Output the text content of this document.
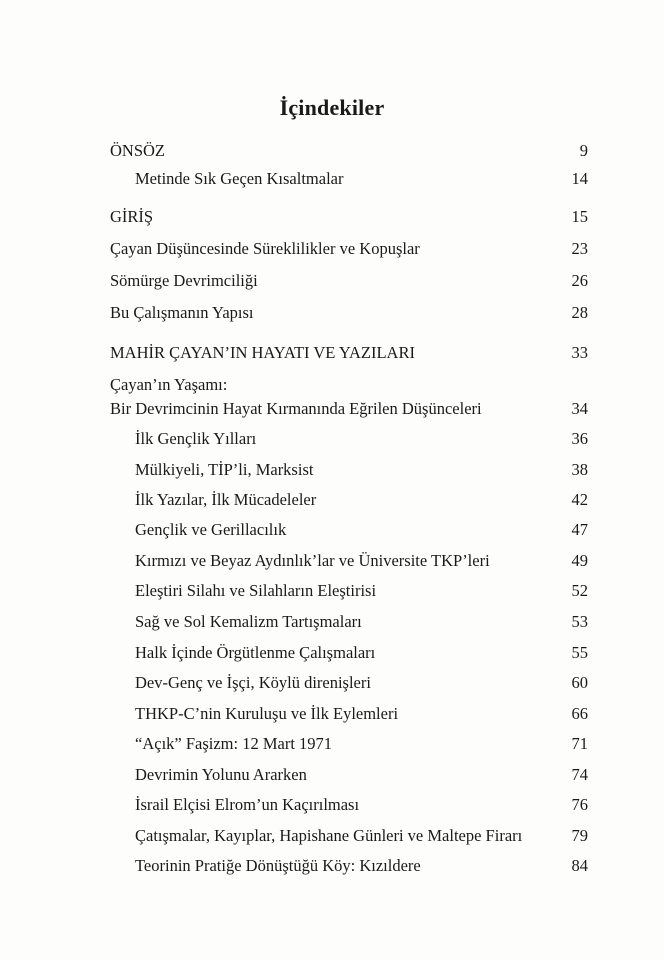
İçindekiler
ÖNSÖZ	9
Metinde Sık Geçen Kısaltmalar	14
GİRİŞ	15
Çayan Düşüncesinde Süreklilikler ve Kopuşlar	23
Sömürge Devrimciliği	26
Bu Çalışmanın Yapısı	28
MAHİR ÇAYAN’IN HAYATI VE YAZILARI	33
Çayan’ın Yaşamı:
Bir Devrimcinin Hayat Kırmanında Eğrilen Düşünceleri	34
İlk Gençlik Yılları	36
Mülkiyeli, TİP’li, Marksist	38
İlk Yazılar, İlk Mücadeleler	42
Gençlik ve Gerillacılık	47
Kırmızı ve Beyaz Aydınlık’lar ve Üniversite TKP’leri	49
Eleştiri Silahı ve Silahların Eleştirisi	52
Sağ ve Sol Kemalizm Tartışmaları	53
Halk İçinde Örgütlenme Çalışmaları	55
Dev-Genç ve İşçi, Köylü direnişleri	60
THKP-C’nin Kuruluşu ve İlk Eylemleri	66
“Açık” Faşizm: 12 Mart 1971	71
Devrimin Yolunu Ararken	74
İsrail Elçisi Elrom’un Kaçırılması	76
Çatışmalar, Kayıplar, Hapishane Günleri ve Maltepe Firarı	79
Teorinin Pratiğe Dönüştüğü Köy: Kızıldere	84
